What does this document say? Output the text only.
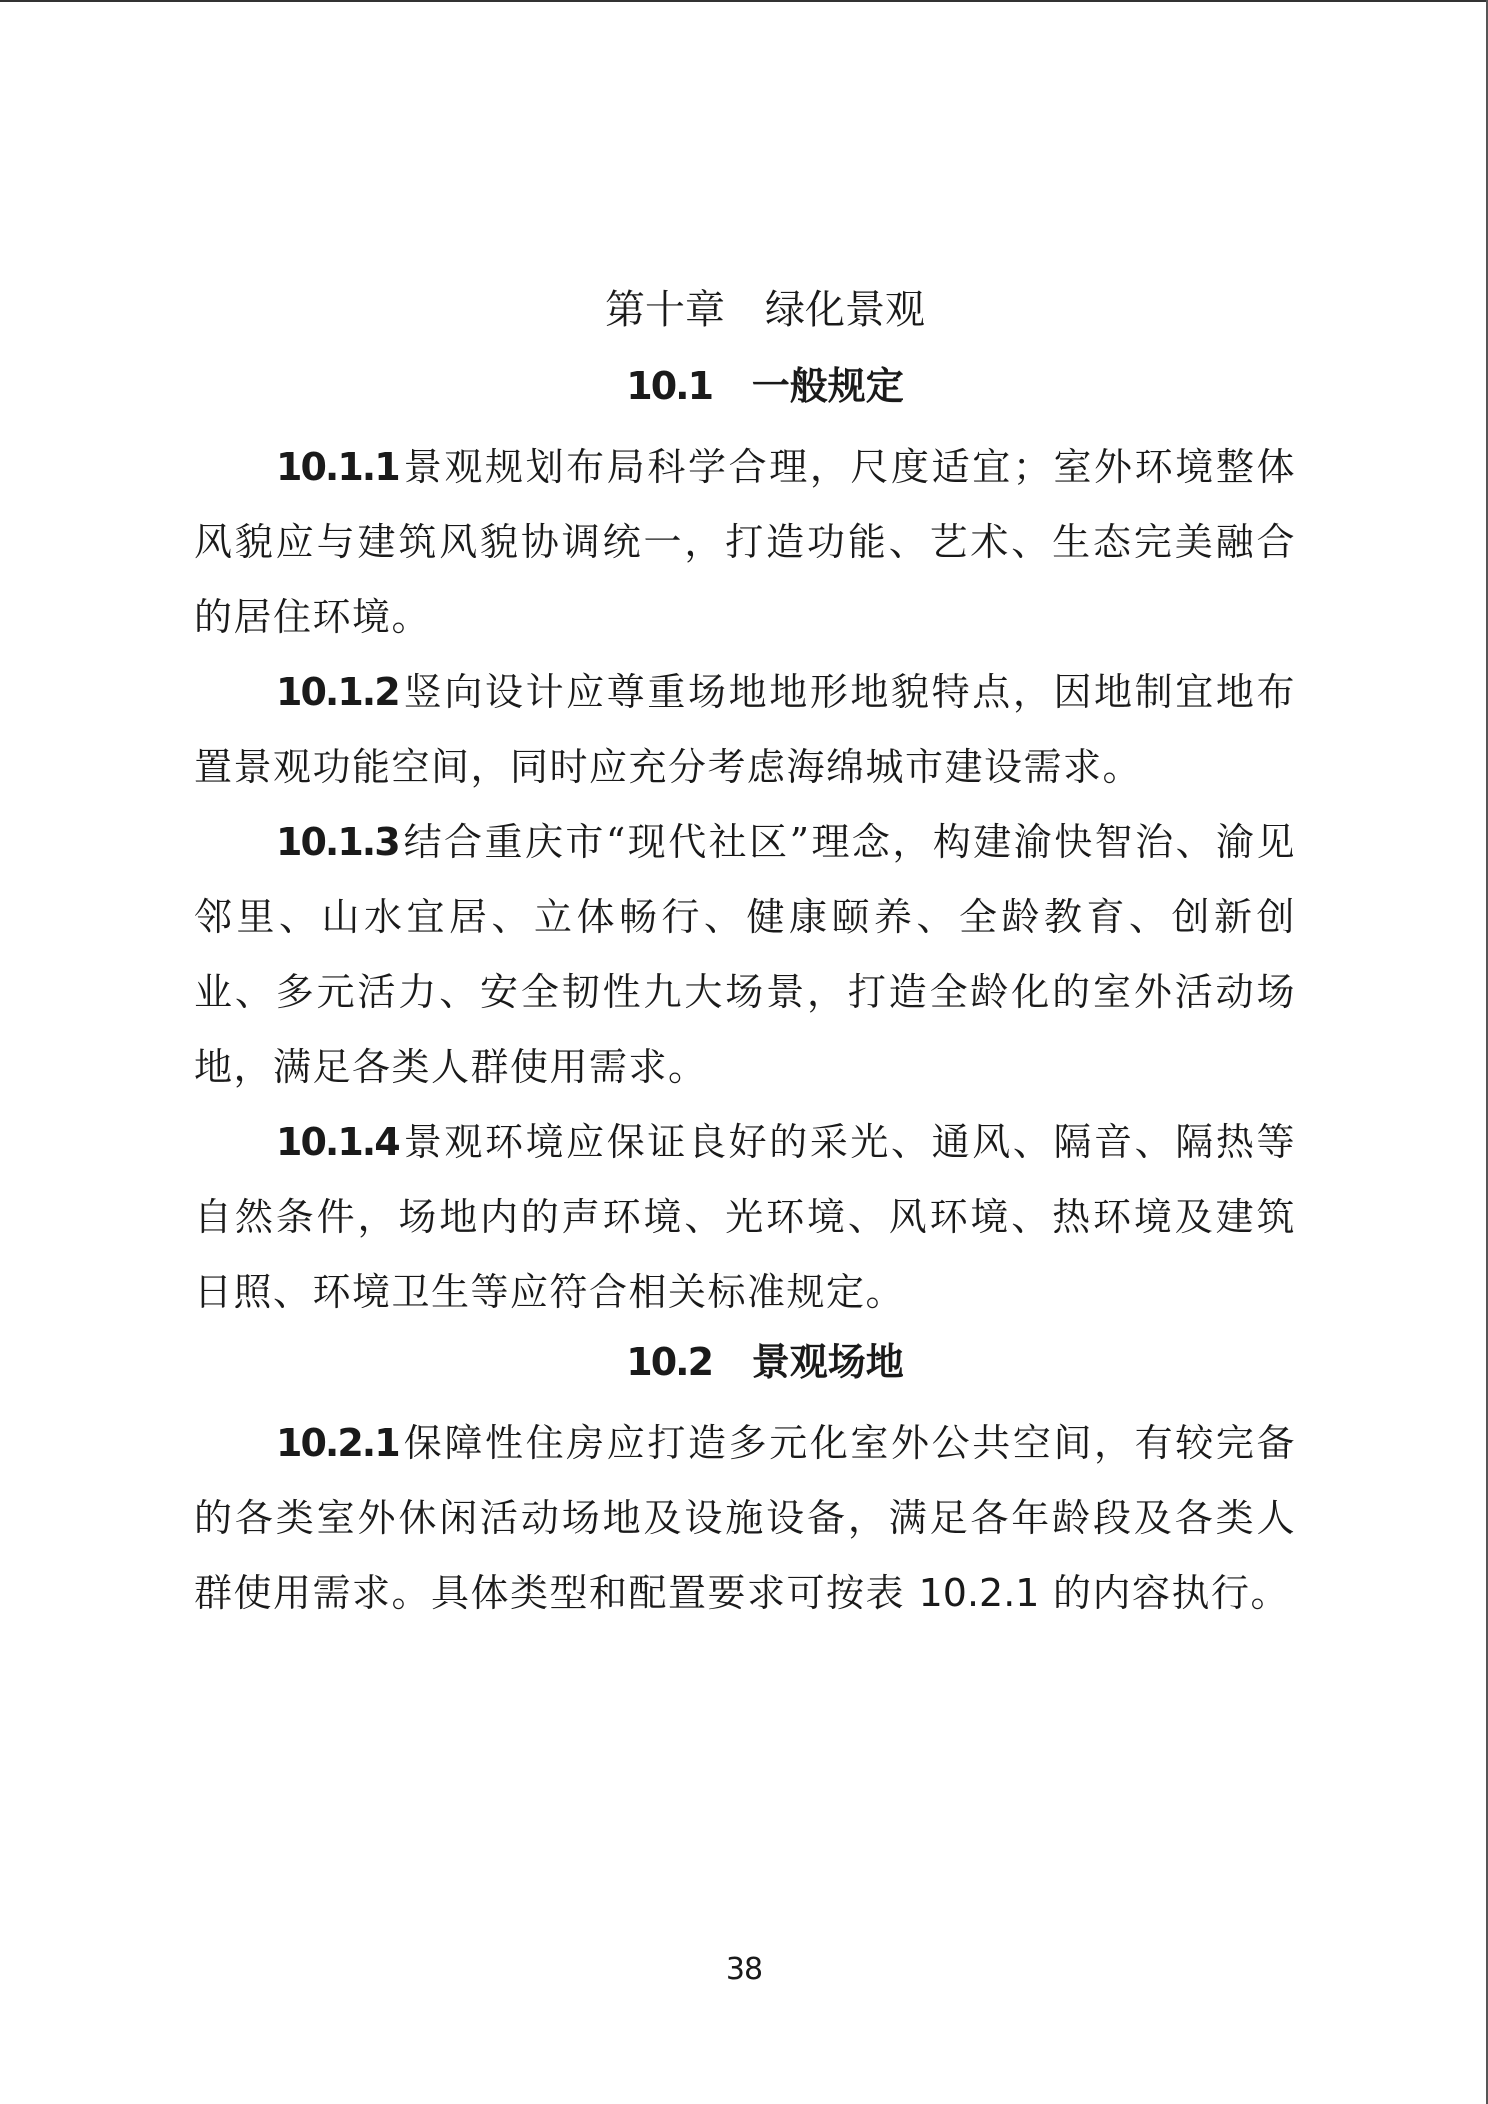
第十章　绿化景观
10.1 一般规定

10.1.1 景观规划布局科学合理，尺度适宜；室外环境整体风貌应与建筑风貌协调统一，打造功能、艺术、生态完美融合的居住环境。

10.1.2 竖向设计应尊重场地地形地貌特点，因地制宜地布置景观功能空间，同时应充分考虑海绵城市建设需求。

10.1.3 结合重庆市“现代社区”理念，构建渝快智治、渝见邻里、山水宜居、立体畅行、健康颐养、全龄教育、创新创业、多元活力、安全韧性九大场景，打造全龄化的室外活动场地，满足各类人群使用需求。

10.1.4 景观环境应保证良好的采光、通风、隔音、隔热等自然条件，场地内的声环境、光环境、风环境、热环境及建筑日照、环境卫生等应符合相关标准规定。

10.2 景观场地

10.2.1 保障性住房应打造多元化室外公共空间，有较完备的各类室外休闲活动场地及设施设备，满足各年龄段及各类人群使用需求。具体类型和配置要求可按表 10.2.1 的内容执行。

38
